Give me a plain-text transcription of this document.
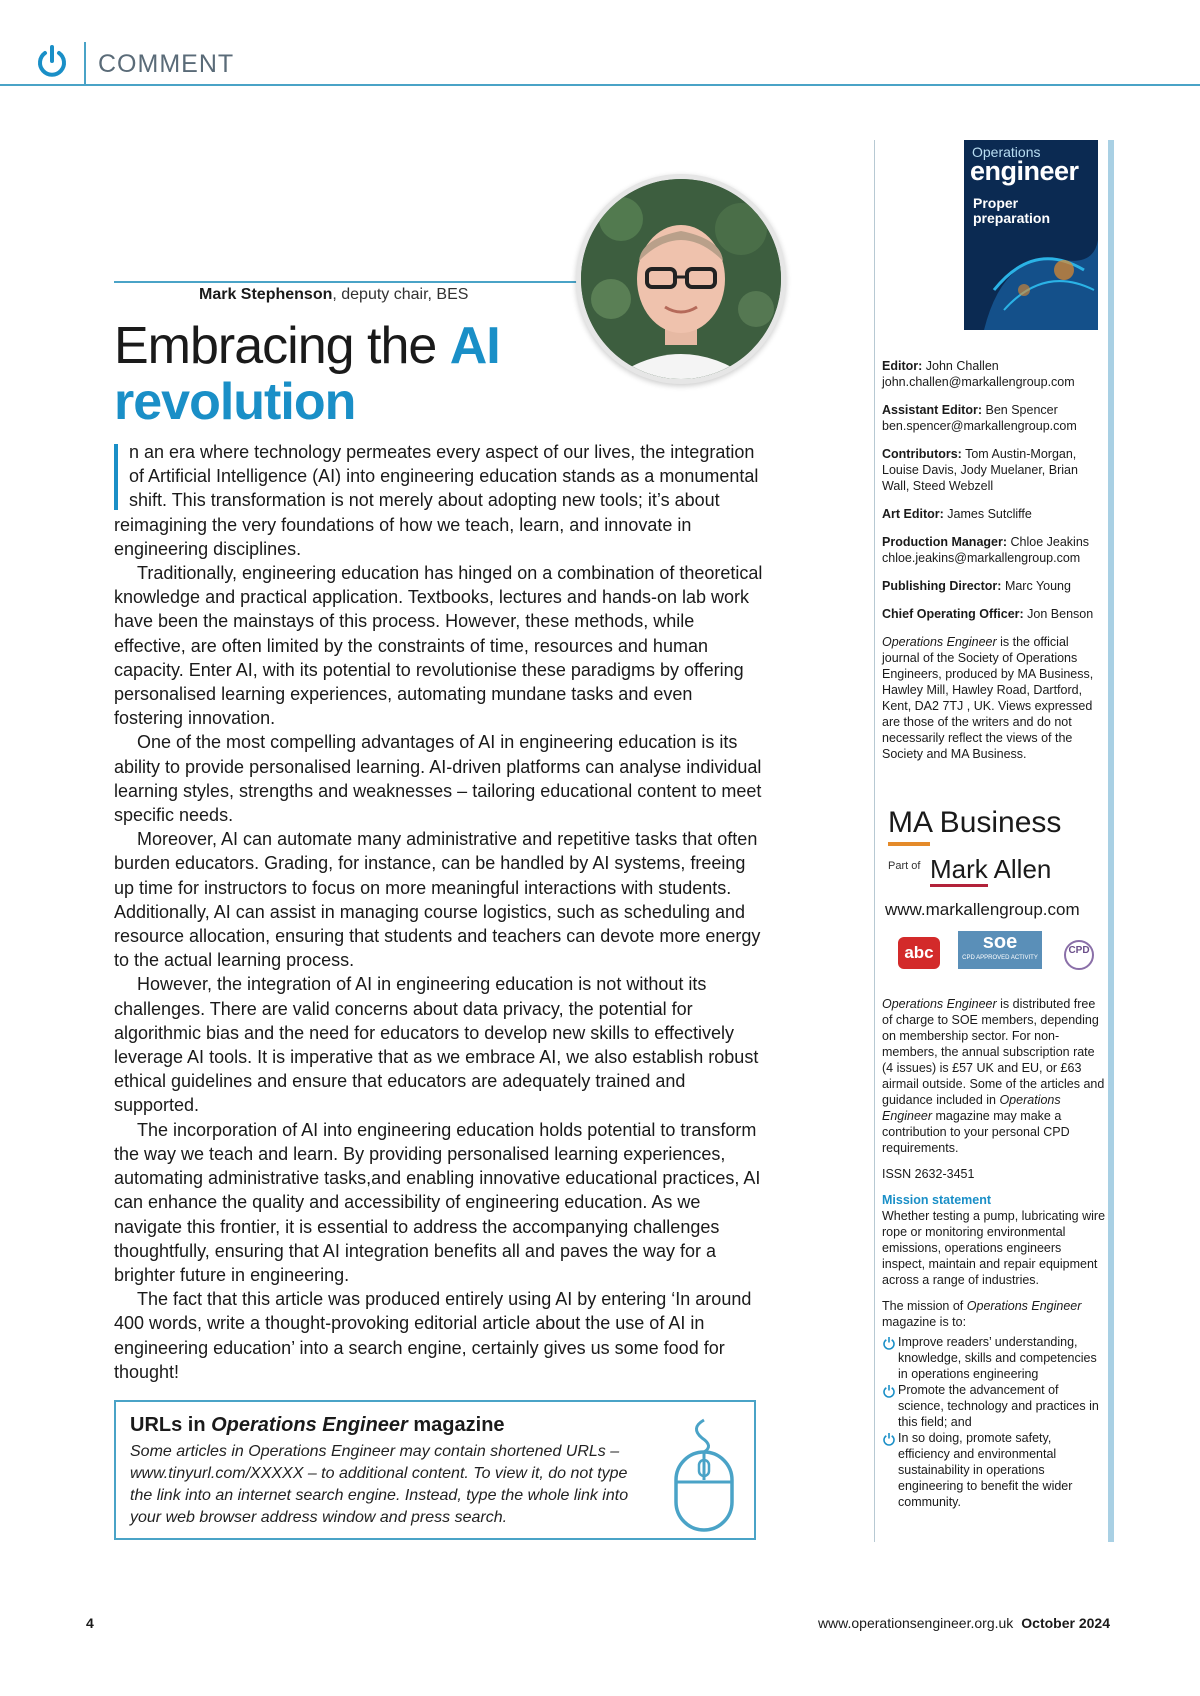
COMMENT
Mark Stephenson, deputy chair, BES
Embracing the AI
revolution

n an era where technology permeates every aspect of our lives, the integration of Artificial Intelligence (AI) into engineering education stands as a monumental shift. This transformation is not merely about adopting new tools; it’s about reimagining the very foundations of how we teach, learn, and innovate in engineering disciplines.

Traditionally, engineering education has hinged on a combination of theoretical knowledge and practical application. Textbooks, lectures and hands-on lab work have been the mainstays of this process. However, these methods, while effective, are often limited by the constraints of time, resources and human capacity. Enter AI, with its potential to revolutionise these paradigms by offering personalised learning experiences, automating mundane tasks and even fostering innovation.

One of the most compelling advantages of AI in engineering education is its ability to provide personalised learning. AI-driven platforms can analyse individual learning styles, strengths and weaknesses – tailoring educational content to meet specific needs.

Moreover, AI can automate many administrative and repetitive tasks that often burden educators. Grading, for instance, can be handled by AI systems, freeing up time for instructors to focus on more meaningful interactions with students. Additionally, AI can assist in managing course logistics, such as scheduling and resource allocation, ensuring that students and teachers can devote more energy to the actual learning process.

However, the integration of AI in engineering education is not without its challenges. There are valid concerns about data privacy, the potential for algorithmic bias and the need for educators to develop new skills to effectively leverage AI tools. It is imperative that as we embrace AI, we also establish robust ethical guidelines and ensure that educators are adequately trained and supported.

The incorporation of AI into engineering education holds potential to transform the way we teach and learn. By providing personalised learning experiences, automating administrative tasks,and enabling innovative educational practices, AI can enhance the quality and accessibility of engineering education. As we navigate this frontier, it is essential to address the accompanying challenges thoughtfully, ensuring that AI integration benefits all and paves the way for a brighter future in engineering.

The fact that this article was produced entirely using AI by entering ‘In around 400 words, write a thought-provoking editorial article about the use of AI in engineering education’ into a search engine, certainly gives us some food for thought!

URLs in Operations Engineer magazine

Some articles in Operations Engineer may contain shortened URLs – www.tinyurl.com/XXXXX – to additional content. To view it, do not type the link into an internet search engine. Instead, type the whole link into your web browser address window and press search.

Operations
engineer
Proper preparation
Editor: John Challen
john.challen@markallengroup.com
Assistant Editor: Ben Spencer
ben.spencer@markallengroup.com
Contributors: Tom Austin-Morgan, Louise Davis, Jody Muelaner, Brian Wall, Steed Webzell
Art Editor: James Sutcliffe
Production Manager: Chloe Jeakins
chloe.jeakins@markallengroup.com
Publishing Director: Marc Young
Chief Operating Officer: Jon Benson
Operations Engineer is the official journal of the Society of Operations Engineers, produced by MA Business, Hawley Mill, Hawley Road, Dartford, Kent, DA2 7TJ , UK. Views expressed are those of the writers and do not necessarily reflect the views of the Society and MA Business.
MA Business
Part of Mark Allen
www.markallengroup.com
abc	soe
CPD APPROVED ACTIVITY
CPD
Operations Engineer is distributed free of charge to SOE members, depending on membership sector. For non-members, the annual subscription rate (4 issues) is £57 UK and EU, or £63 airmail outside. Some of the articles and guidance included in Operations Engineer magazine may make a contribution to your personal CPD requirements.
ISSN 2632-3451
Mission statement
Whether testing a pump, lubricating wire rope or monitoring environmental emissions, operations engineers inspect, maintain and repair equipment across a range of industries.
The mission of Operations Engineer magazine is to:
Improve readers’ understanding, knowledge, skills and competencies in operations engineering
Promote the advancement of science, technology and practices in this field; and
In so doing, promote safety, efficiency and environmental sustainability in operations engineering to benefit the wider community.
4	www.operationsengineer.org.uk October 2024
